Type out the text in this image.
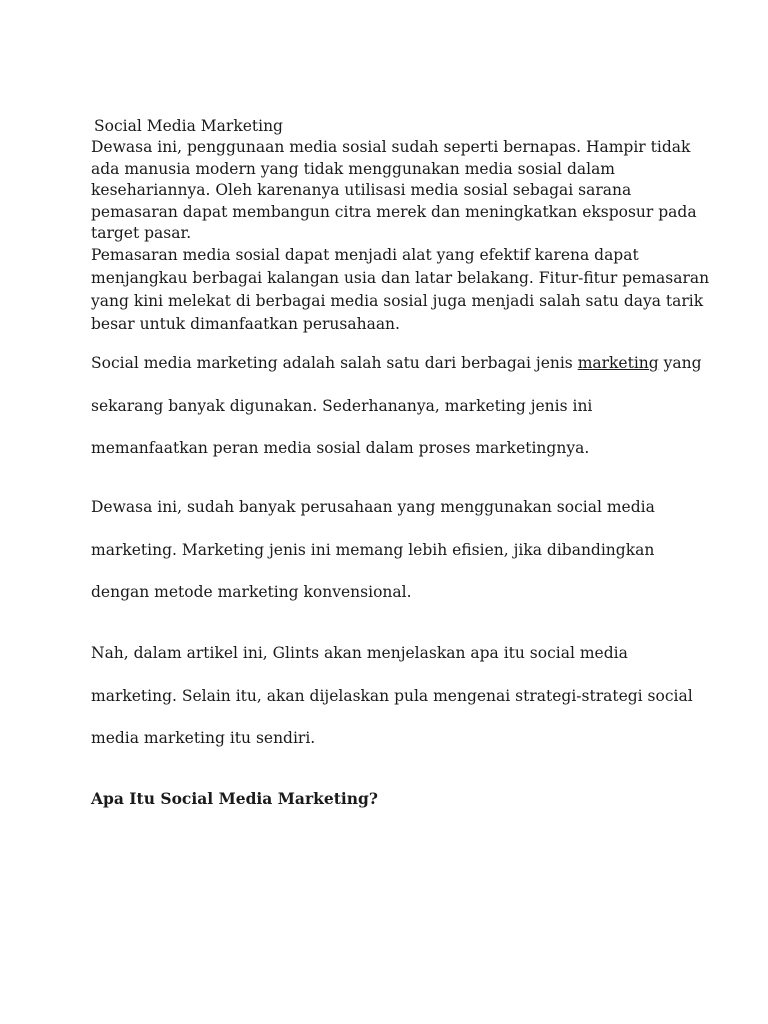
Social Media Marketing
Dewasa ini, penggunaan media sosial sudah seperti bernapas. Hampir tidak
ada manusia modern yang tidak menggunakan media sosial dalam
kesehariannya. Oleh karenanya utilisasi media sosial sebagai sarana
pemasaran dapat membangun citra merek dan meningkatkan eksposur pada
target pasar.
Pemasaran media sosial dapat menjadi alat yang efektif karena dapat
menjangkau berbagai kalangan usia dan latar belakang. Fitur-fitur pemasaran
yang kini melekat di berbagai media sosial juga menjadi salah satu daya tarik
besar untuk dimanfaatkan perusahaan.
Social media marketing adalah salah satu dari berbagai jenis marketing yang
sekarang banyak digunakan. Sederhananya, marketing jenis ini
memanfaatkan peran media sosial dalam proses marketingnya.
Dewasa ini, sudah banyak perusahaan yang menggunakan social media
marketing. Marketing jenis ini memang lebih efisien, jika dibandingkan
dengan metode marketing konvensional.
Nah, dalam artikel ini, Glints akan menjelaskan apa itu social media
marketing. Selain itu, akan dijelaskan pula mengenai strategi-strategi social
media marketing itu sendiri.
Apa Itu Social Media Marketing?
